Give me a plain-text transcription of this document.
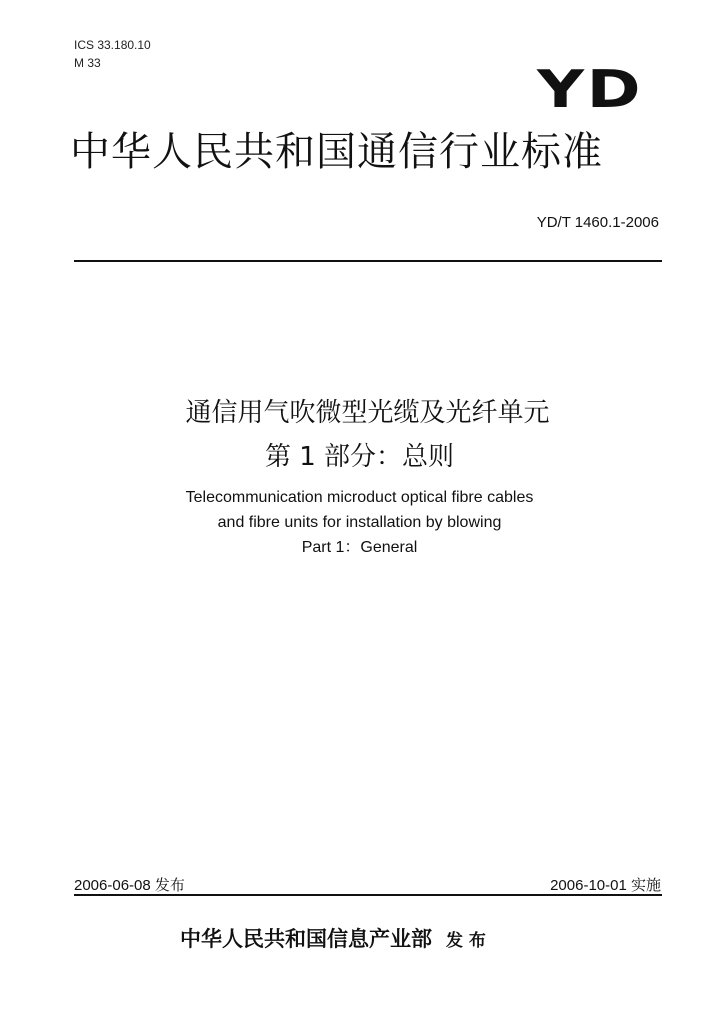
ICS 33.180.10
M 33	YD
中华人民共和国通信行业标准
YD/T 1460.1-2006
通信用气吹微型光缆及光纤单元
第 1 部分：总则
Telecommunication microduct optical fibre cables
and fibre units for installation by blowing
Part 1：General
2006-06-08 发布	2006-10-01 实施
中华人民共和国信息产业部 发 布
